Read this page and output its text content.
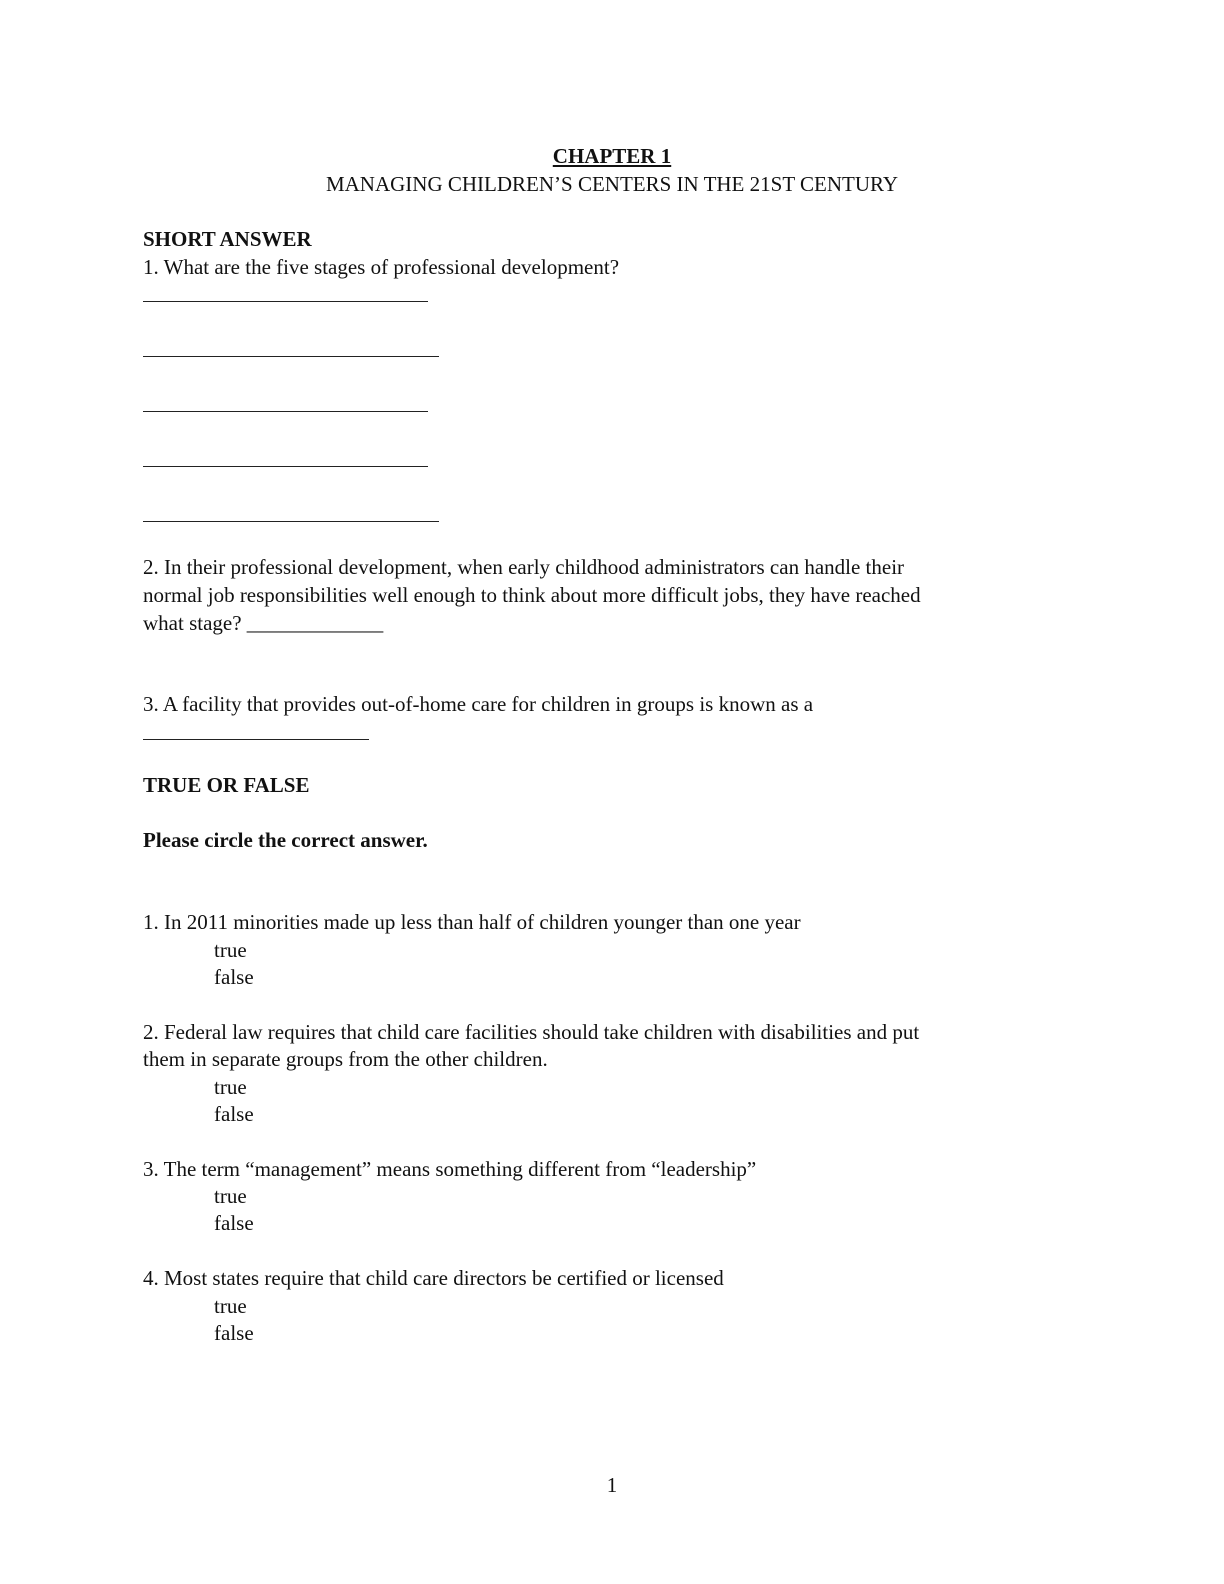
CHAPTER 1
MANAGING CHILDREN’S CENTERS IN THE 21ST CENTURY
SHORT ANSWER
1. What are the five stages of professional development?
2. In their professional development, when early childhood administrators can handle their
normal job responsibilities well enough to think about more difficult jobs, they have reached
what stage? _____________
3. A facility that provides out-of-home care for children in groups is known as a
TRUE OR FALSE
Please circle the correct answer.
1. In 2011 minorities made up less than half of children younger than one year
true
false
2. Federal law requires that child care facilities should take children with disabilities and put
them in separate groups from the other children.
true
false
3. The term “management” means something different from “leadership”
true
false
4. Most states require that child care directors be certified or licensed
true
false
1
